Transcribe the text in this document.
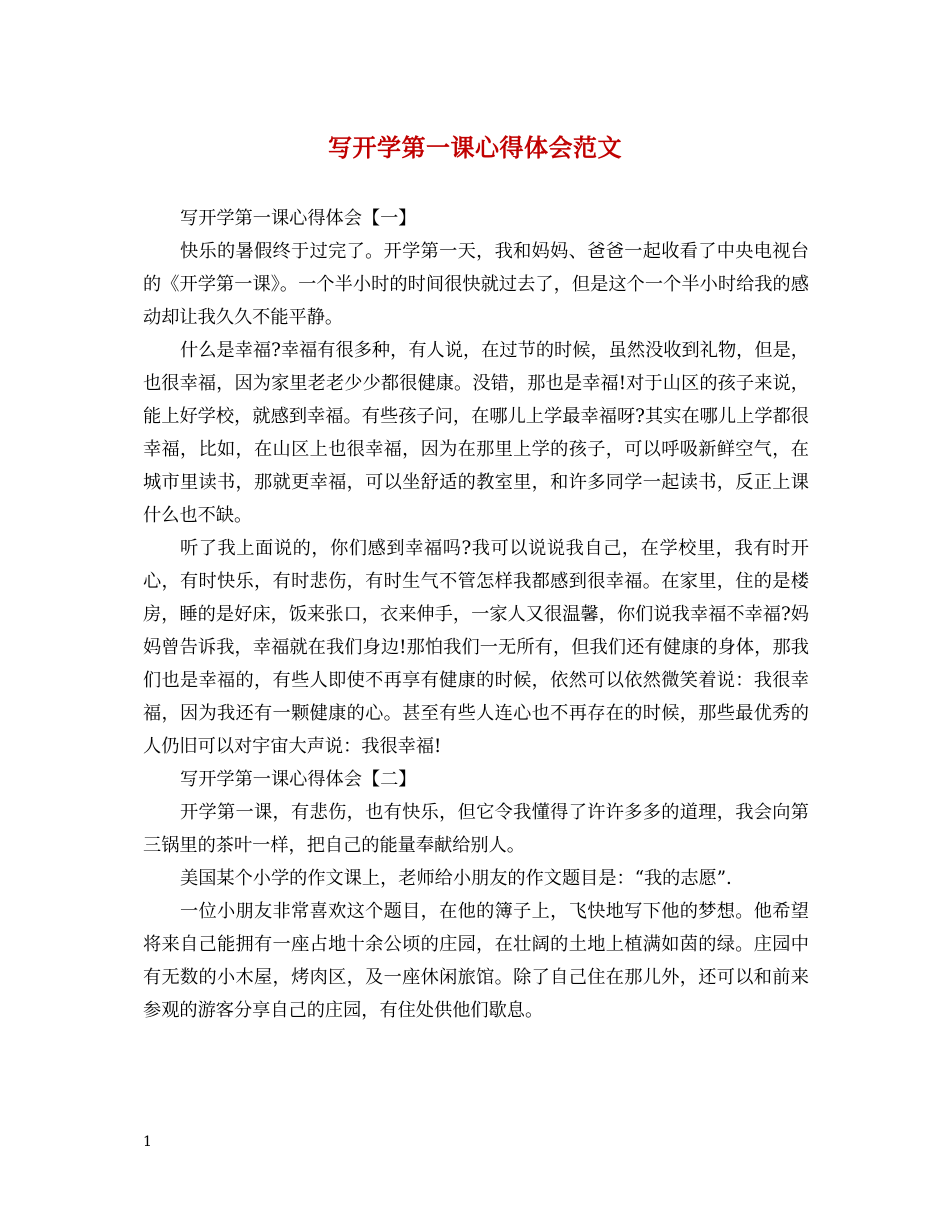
写开学第一课心得体会范文

写开学第一课心得体会【一】

快乐的暑假终于过完了。开学第一天，我和妈妈、爸爸一起收看了中央电视台的《开学第一课》。一个半小时的时间很快就过去了，但是这个一个半小时给我的感动却让我久久不能平静。

什么是幸福?幸福有很多种，有人说，在过节的时候，虽然没收到礼物，但是，也很幸福，因为家里老老少少都很健康。没错，那也是幸福!对于山区的孩子来说，能上好学校，就感到幸福。有些孩子问，在哪儿上学最幸福呀?其实在哪儿上学都很幸福，比如，在山区上也很幸福，因为在那里上学的孩子，可以呼吸新鲜空气，在城市里读书，那就更幸福，可以坐舒适的教室里，和许多同学一起读书，反正上课什么也不缺。

听了我上面说的，你们感到幸福吗?我可以说说我自己，在学校里，我有时开心，有时快乐，有时悲伤，有时生气不管怎样我都感到很幸福。在家里，住的是楼房，睡的是好床，饭来张口，衣来伸手，一家人又很温馨，你们说我幸福不幸福?妈妈曾告诉我，幸福就在我们身边!那怕我们一无所有，但我们还有健康的身体，那我们也是幸福的，有些人即使不再享有健康的时候，依然可以依然微笑着说：我很幸福，因为我还有一颗健康的心。甚至有些人连心也不再存在的时候，那些最优秀的人仍旧可以对宇宙大声说：我很幸福!

写开学第一课心得体会【二】

开学第一课，有悲伤，也有快乐，但它令我懂得了许许多多的道理，我会向第三锅里的茶叶一样，把自己的能量奉献给别人。

美国某个小学的作文课上，老师给小朋友的作文题目是：“我的志愿”.

一位小朋友非常喜欢这个题目，在他的簿子上，飞快地写下他的梦想。他希望将来自己能拥有一座占地十余公顷的庄园，在壮阔的土地上植满如茵的绿。庄园中有无数的小木屋，烤肉区，及一座休闲旅馆。除了自己住在那儿外，还可以和前来参观的游客分享自己的庄园，有住处供他们歇息。

1
